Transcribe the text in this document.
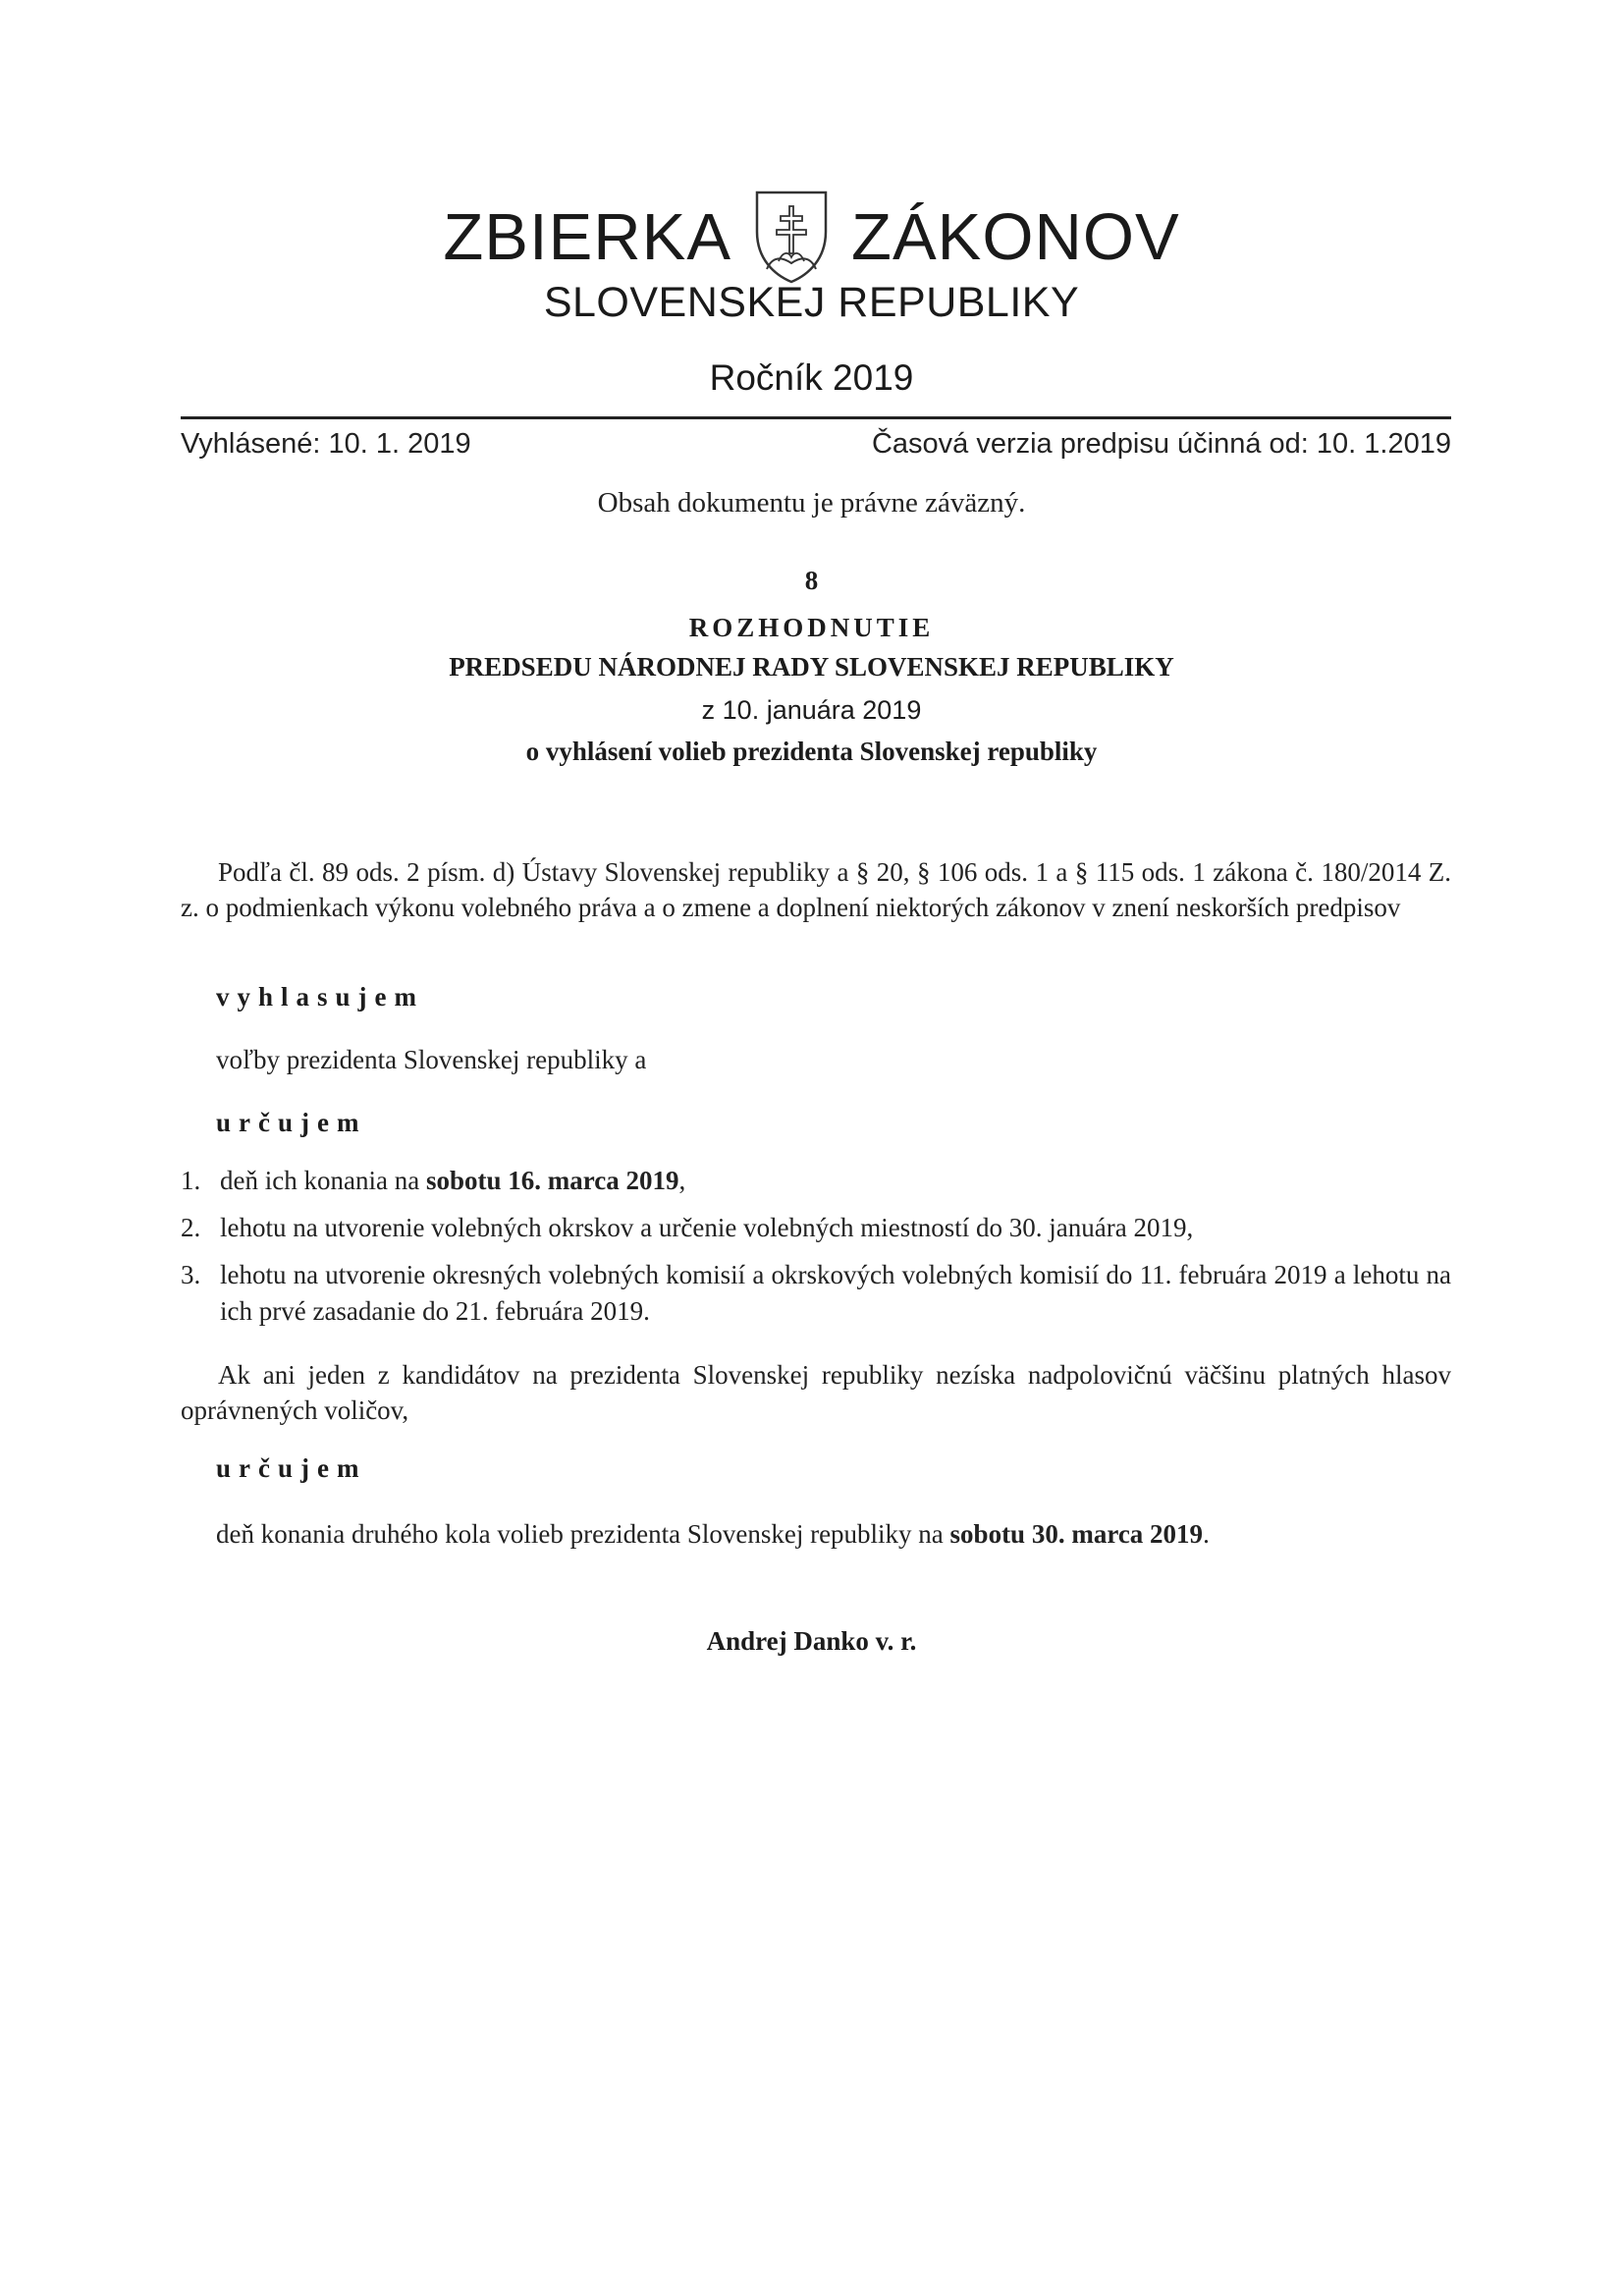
ZBIERKA ZÁKONOV
SLOVENSKEJ REPUBLIKY
Ročník 2019
Vyhlásené: 10. 1. 2019	Časová verzia predpisu účinná od: 10. 1.2019
Obsah dokumentu je právne záväzný.
8
ROZHODNUTIE
PREDSEDU NÁRODNEJ RADY SLOVENSKEJ REPUBLIKY
z 10. januára 2019
o vyhlásení volieb prezidenta Slovenskej republiky
Podľa čl. 89 ods. 2 písm. d) Ústavy Slovenskej republiky a § 20, § 106 ods. 1 a § 115 ods. 1 zákona č. 180/2014 Z. z. o podmienkach výkonu volebného práva a o zmene a doplnení niektorých zákonov v znení neskorších predpisov
vyhlasujem
voľby prezidenta Slovenskej republiky a
určujem
1. deň ich konania na sobotu 16. marca 2019,
2. lehotu na utvorenie volebných okrskov a určenie volebných miestností do 30. januára 2019,
3. lehotu na utvorenie okresných volebných komisií a okrskových volebných komisií do 11. februára 2019 a lehotu na ich prvé zasadanie do 21. februára 2019.
Ak ani jeden z kandidátov na prezidenta Slovenskej republiky nezíska nadpolovičnú väčšinu platných hlasov oprávnených voličov,
určujem
deň konania druhého kola volieb prezidenta Slovenskej republiky na sobotu 30. marca 2019.
Andrej Danko v. r.
